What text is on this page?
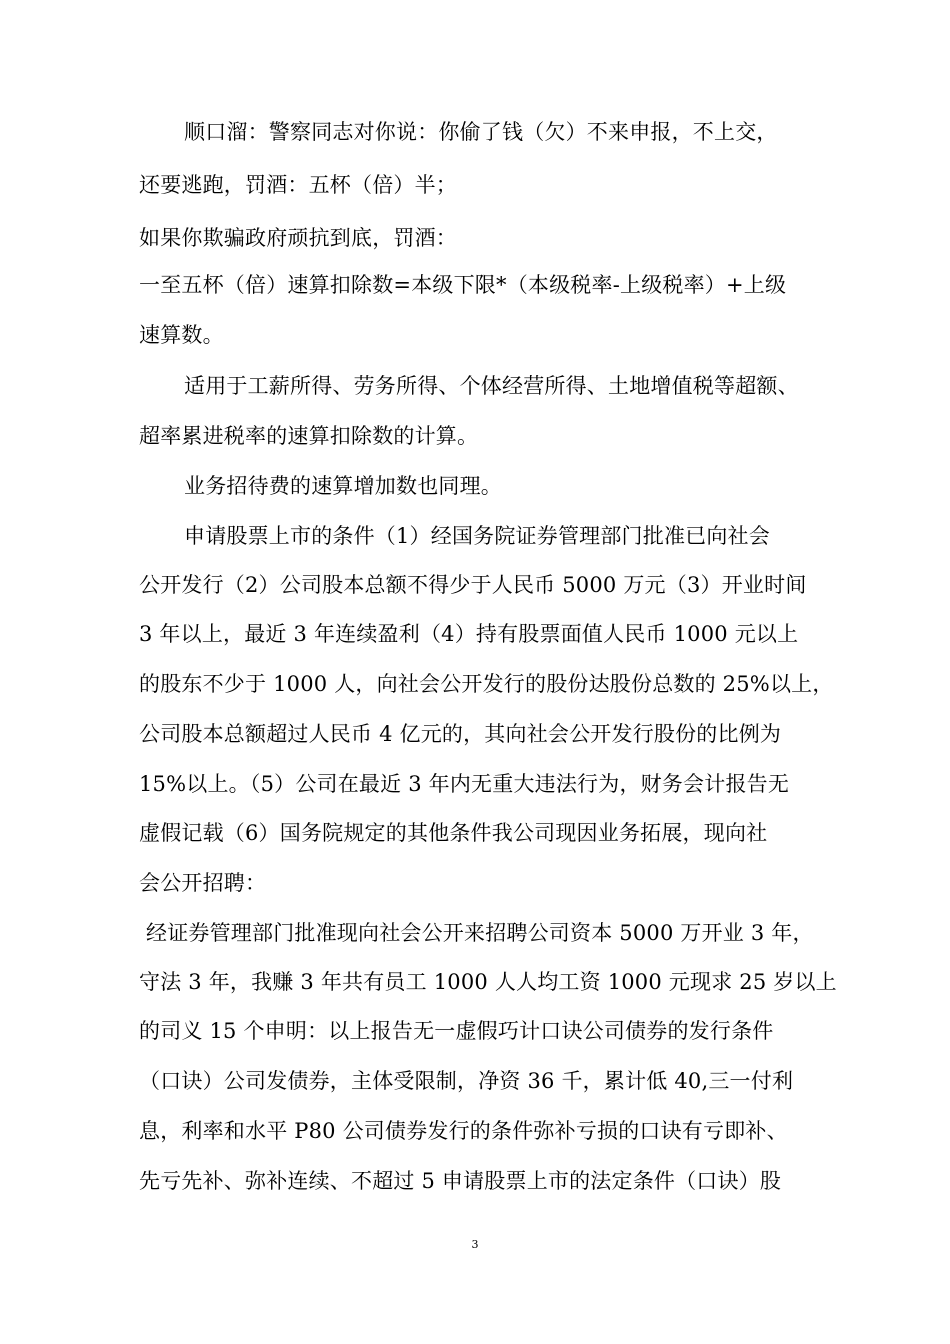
顺口溜：警察同志对你说：你偷了钱（欠）不来申报，不上交，
还要逃跑，罚酒：五杯（倍）半；
如果你欺骗政府顽抗到底，罚酒：
一至五杯（倍）速算扣除数=本级下限*（本级税率-上级税率）+上级
速算数。
适用于工薪所得、劳务所得、个体经营所得、土地增值税等超额、
超率累进税率的速算扣除数的计算。
业务招待费的速算增加数也同理。
申请股票上市的条件（1）经国务院证券管理部门批准已向社会
公开发行（2）公司股本总额不得少于人民币 5000 万元（3）开业时间
3 年以上，最近 3 年连续盈利（4）持有股票面值人民币 1000 元以上
的股东不少于 1000 人，向社会公开发行的股份达股份总数的 25%以上，
公司股本总额超过人民币 4 亿元的，其向社会公开发行股份的比例为
15%以上。（5）公司在最近 3 年内无重大违法行为，财务会计报告无
虚假记载（6）国务院规定的其他条件我公司现因业务拓展，现向社
会公开招聘：
经证券管理部门批准现向社会公开来招聘公司资本 5000 万开业 3 年，
守法 3 年，我赚 3 年共有员工 1000 人人均工资 1000 元现求 25 岁以上
的司义 15 个申明：以上报告无一虚假巧计口诀公司债券的发行条件
（口诀）公司发债券，主体受限制，净资 36 千，累计低 40,三一付利
息，利率和水平 P80 公司债券发行的条件弥补亏损的口诀有亏即补、
先亏先补、弥补连续、不超过 5 申请股票上市的法定条件（口诀）股
3
